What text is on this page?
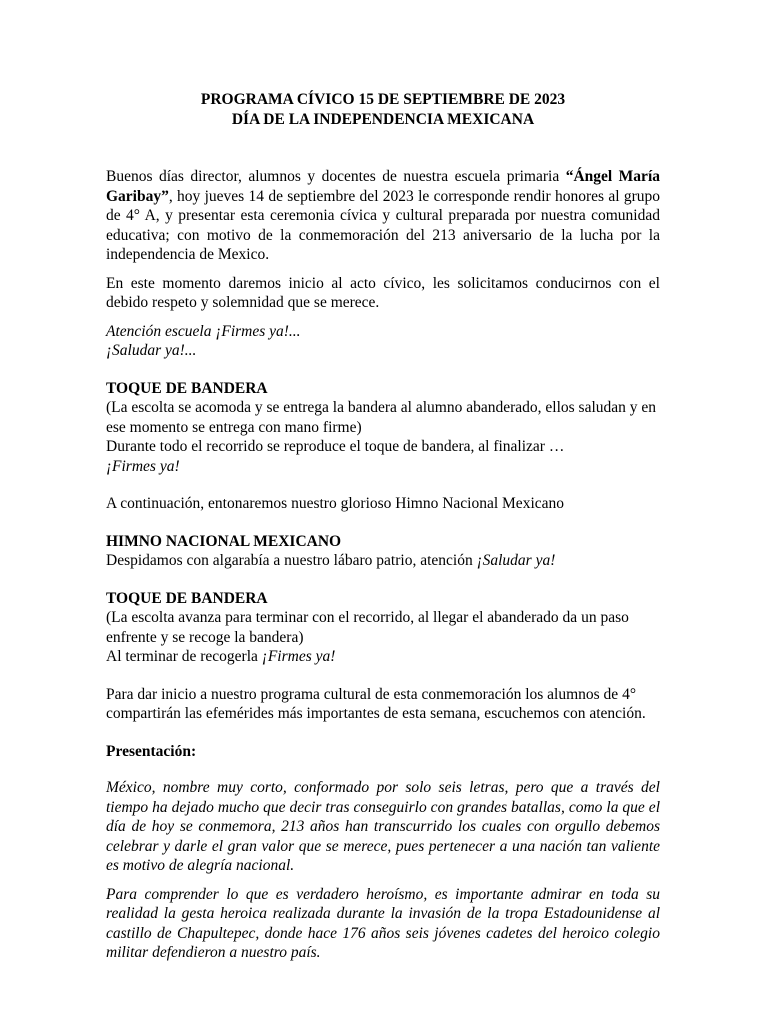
PROGRAMA CÍVICO 15 DE SEPTIEMBRE DE 2023

DÍA DE LA INDEPENDENCIA MEXICANA

Buenos días director, alumnos y docentes de nuestra escuela primaria “Ángel María Garibay”, hoy jueves 14 de septiembre del 2023 le corresponde rendir honores al grupo de 4° A, y presentar esta ceremonia cívica y cultural preparada por nuestra comunidad educativa; con motivo de la conmemoración del 213 aniversario de la lucha por la independencia de Mexico.

En este momento daremos inicio al acto cívico, les solicitamos conducirnos con el debido respeto y solemnidad que se merece.

Atención escuela ¡Firmes ya!...
¡Saludar ya!...

TOQUE DE BANDERA
(La escolta se acomoda y se entrega la bandera al alumno abanderado, ellos saludan y en
ese momento se entrega con mano firme)
Durante todo el recorrido se reproduce el toque de bandera, al finalizar …
¡Firmes ya!

A continuación, entonaremos nuestro glorioso Himno Nacional Mexicano

HIMNO NACIONAL MEXICANO
Despidamos con algarabía a nuestro lábaro patrio, atención ¡Saludar ya!

TOQUE DE BANDERA
(La escolta avanza para terminar con el recorrido, al llegar el abanderado da un paso
enfrente y se recoge la bandera)
Al terminar de recogerla ¡Firmes ya!

Para dar inicio a nuestro programa cultural de esta conmemoración los alumnos de 4°
compartirán las efemérides más importantes de esta semana, escuchemos con atención.

Presentación:

México, nombre muy corto, conformado por solo seis letras, pero que a través del tiempo ha dejado mucho que decir tras conseguirlo con grandes batallas, como la que el día de hoy se conmemora, 213 años han transcurrido los cuales con orgullo debemos celebrar y darle el gran valor que se merece, pues pertenecer a una nación tan valiente es motivo de alegría nacional.

Para comprender lo que es verdadero heroísmo, es importante admirar en toda su realidad la gesta heroica realizada durante la invasión de la tropa Estadounidense al castillo de Chapultepec, donde hace 176 años seis jóvenes cadetes del heroico colegio militar defendieron a nuestro país.
